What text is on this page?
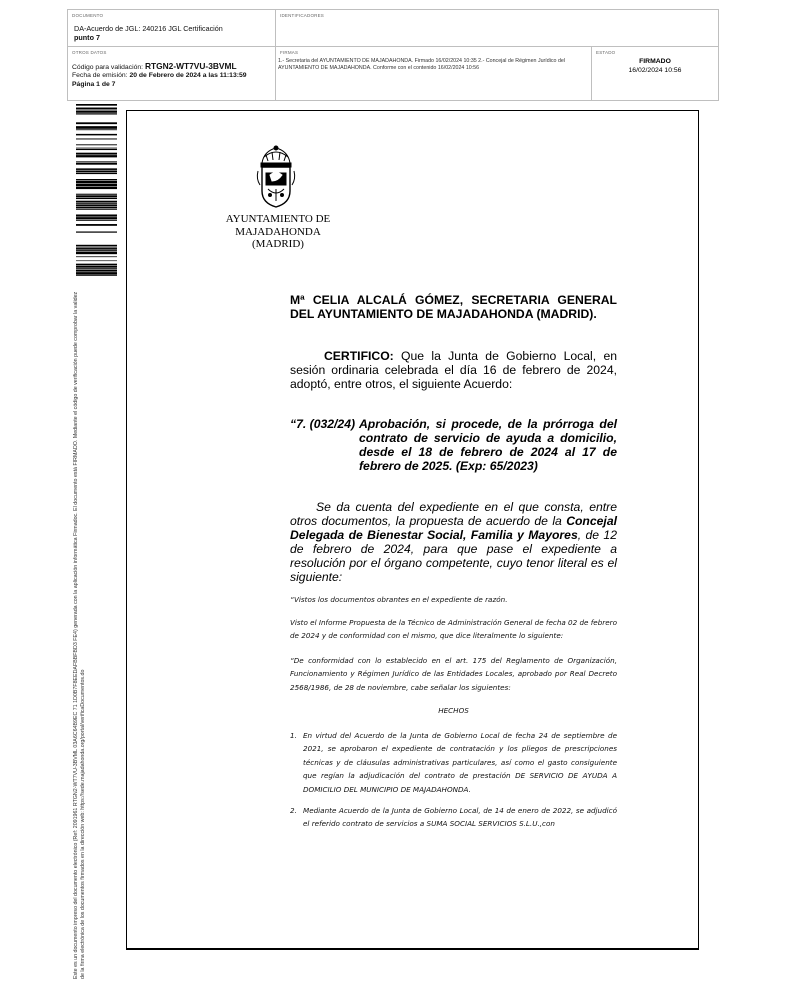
DOCUMENTO
DA-Acuerdo de JGL: 240216 JGL Certificación
punto 7
IDENTIFICADORES
OTROS DATOS
Código para validación: RTGN2-WT7VU-3BVML
Fecha de emisión: 20 de Febrero de 2024 a las 11:13:59
Página 1 de 7
FIRMAS
1.- Secretaria del AYUNTAMIENTO DE MAJADAHONDA. Firmado 16/02/2024 10:35 2.- Concejal de Régimen Jurídico del AYUNTAMIENTO DE MAJADAHONDA. Conforme con el contenido 16/02/2024 10:56
ESTADO
FIRMADO
16/02/2024 10:56
Este es un documento impreso del documento electrónico (Ref: 2091961 RTGN2-WT7VU-3BVML 03A6C64B9EC 71 1D0B7F8EEDAFBBFBD3 FE4) generada con la aplicación informática Firmadoc. El documento está FIRMADO. Mediante el código de verificación puede comprobar la validez de la firma electrónica de los documentos firmados en la dirección web: https://sede.majadahonda.org/portal/verificaDocumentos.do
AYUNTAMIENTO DE
MAJADAHONDA
(MADRID)
Mª CELIA ALCALÁ GÓMEZ, SECRETARIA GENERAL DEL AYUNTAMIENTO DE MAJADAHONDA (MADRID).
CERTIFICO: Que la Junta de Gobierno Local, en sesión ordinaria celebrada el día 16 de febrero de 2024, adoptó, entre otros, el siguiente Acuerdo:
“7. (032/24) Aprobación, si procede, de la prórroga del contrato de servicio de ayuda a domicilio, desde el 18 de febrero de 2024 al 17 de febrero de 2025. (Exp: 65/2023)
Se da cuenta del expediente en el que consta, entre otros documentos, la propuesta de acuerdo de la Concejal Delegada de Bienestar Social, Familia y Mayores, de 12 de febrero de 2024, para que pase el expediente a resolución por el órgano competente, cuyo tenor literal es el siguiente:
“Vistos los documentos obrantes en el expediente de razón.
Visto el Informe Propuesta de la Técnico de Administración General de fecha 02 de febrero de 2024 y de conformidad con el mismo, que dice literalmente lo siguiente:
“De conformidad con lo establecido en el art. 175 del Reglamento de Organización, Funcionamiento y Régimen Jurídico de las Entidades Locales, aprobado por Real Decreto 2568/1986, de 28 de noviembre, cabe señalar los siguientes:
HECHOS
1. En virtud del Acuerdo de la Junta de Gobierno Local de fecha 24 de septiembre de 2021, se aprobaron el expediente de contratación y los pliegos de prescripciones técnicas y de cláusulas administrativas particulares, así como el gasto consiguiente que regían la adjudicación del contrato de prestación DE SERVICIO DE AYUDA A DOMICILIO DEL MUNICIPIO DE MAJADAHONDA.
2. Mediante Acuerdo de la Junta de Gobierno Local, de 14 de enero de 2022, se adjudicó el referido contrato de servicios a SUMA SOCIAL SERVICIOS S.L.U.,con
